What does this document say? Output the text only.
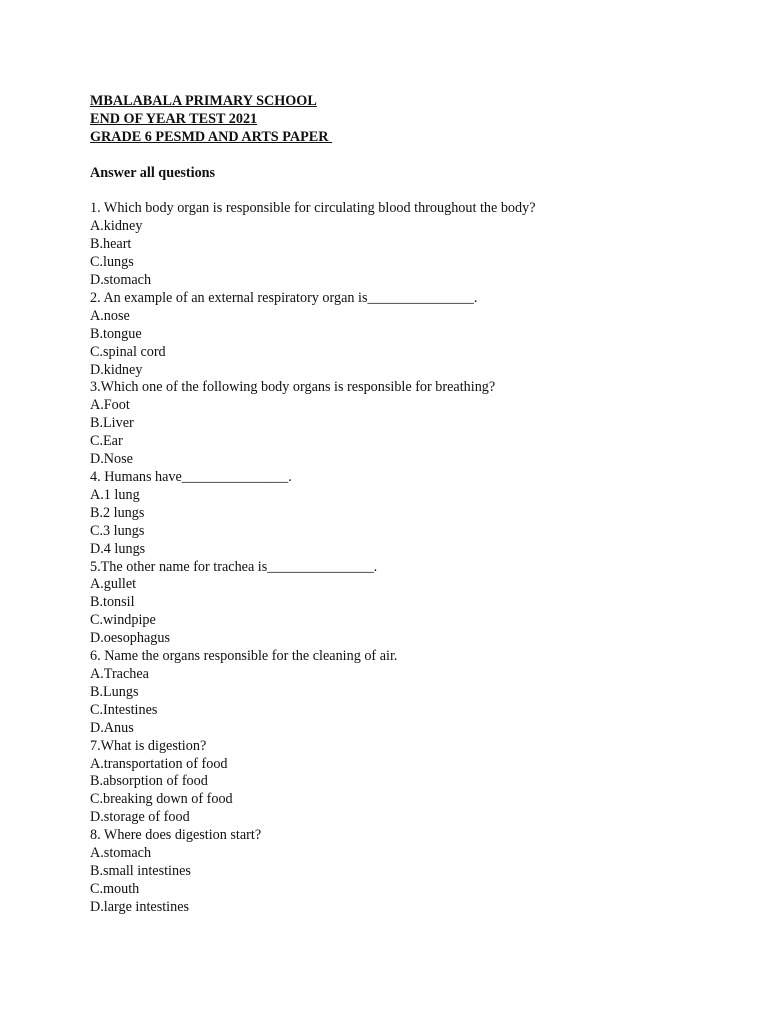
MBALABALA PRIMARY SCHOOL
END OF YEAR TEST 2021
GRADE 6 PESMD AND ARTS PAPER
Answer all questions
1. Which body organ is responsible for circulating blood throughout the body?
A.kidney
B.heart
C.lungs
D.stomach
2. An example of an external respiratory organ is_______________.
A.nose
B.tongue
C.spinal cord
D.kidney
3.Which one of the following body organs is responsible for breathing?
A.Foot
B.Liver
C.Ear
D.Nose
4. Humans have_______________.
A.1 lung
B.2 lungs
C.3 lungs
D.4 lungs
5.The other name for trachea is_______________.
A.gullet
B.tonsil
C.windpipe
D.oesophagus
6. Name the organs responsible for the cleaning of air.
A.Trachea
B.Lungs
C.Intestines
D.Anus
7.What is digestion?
A.transportation of food
B.absorption of food
C.breaking down of food
D.storage of food
8. Where does digestion start?
A.stomach
B.small intestines
C.mouth
D.large intestines
